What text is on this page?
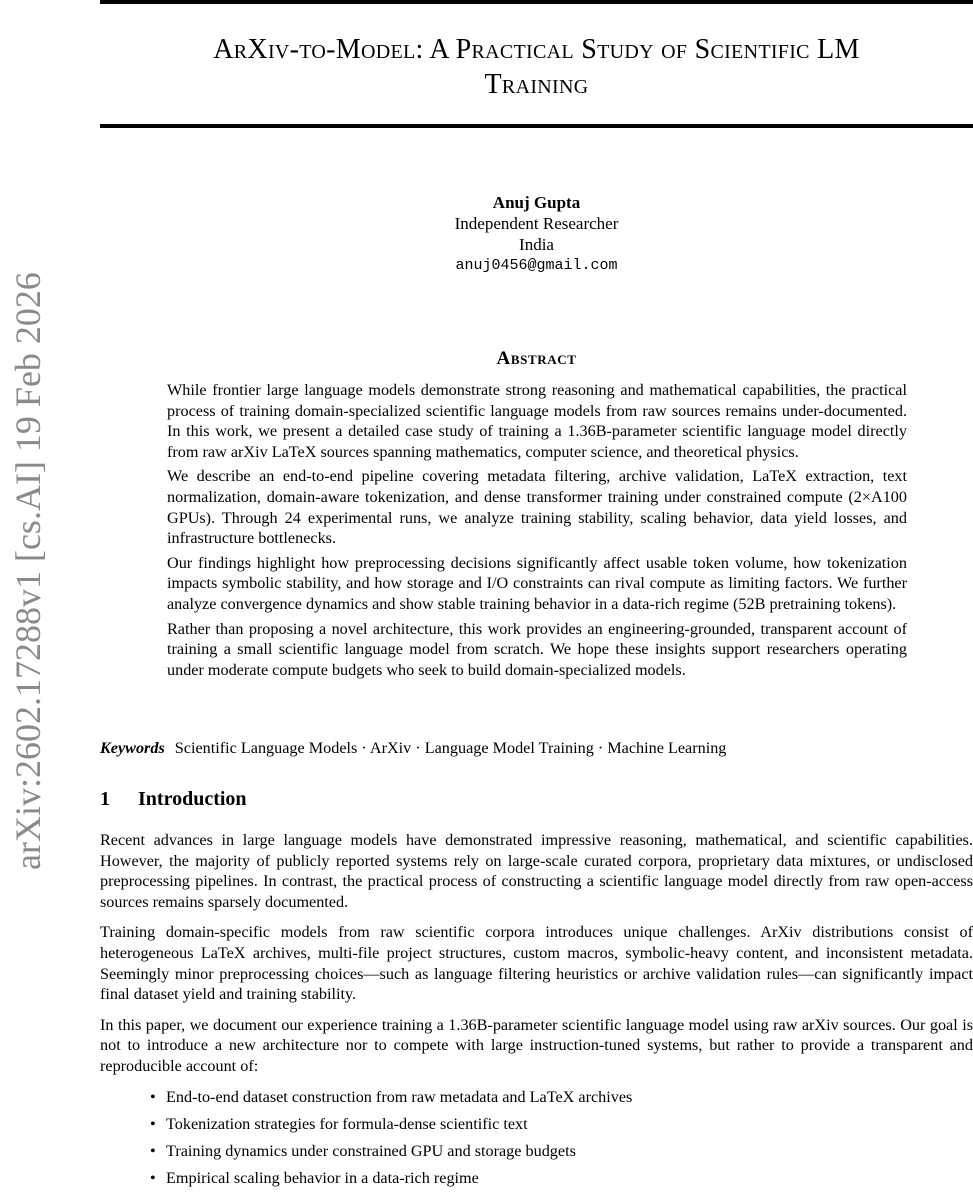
arXiv:2602.17288v1 [cs.AI] 19 Feb 2026
ArXiv-to-Model: A Practical Study of Scientific LM
Training
Anuj Gupta
Independent Researcher
India
anuj0456@gmail.com
Abstract

While frontier large language models demonstrate strong reasoning and mathematical capabilities, the practical process of training domain-specialized scientific language models from raw sources remains under-documented. In this work, we present a detailed case study of training a 1.36B-parameter scientific language model directly from raw arXiv LaTeX sources spanning mathematics, computer science, and theoretical physics.

We describe an end-to-end pipeline covering metadata filtering, archive validation, LaTeX extraction, text normalization, domain-aware tokenization, and dense transformer training under constrained compute (2×A100 GPUs). Through 24 experimental runs, we analyze training stability, scaling behavior, data yield losses, and infrastructure bottlenecks.

Our findings highlight how preprocessing decisions significantly affect usable token volume, how tokenization impacts symbolic stability, and how storage and I/O constraints can rival compute as limiting factors. We further analyze convergence dynamics and show stable training behavior in a data-rich regime (52B pretraining tokens).

Rather than proposing a novel architecture, this work provides an engineering-grounded, transparent account of training a small scientific language model from scratch. We hope these insights support researchers operating under moderate compute budgets who seek to build domain-specialized models.

Keywords Scientific Language Models · ArXiv · Language Model Training · Machine Learning
1 Introduction

Recent advances in large language models have demonstrated impressive reasoning, mathematical, and scientific capabilities. However, the majority of publicly reported systems rely on large-scale curated corpora, proprietary data mixtures, or undisclosed preprocessing pipelines. In contrast, the practical process of constructing a scientific language model directly from raw open-access sources remains sparsely documented.

Training domain-specific models from raw scientific corpora introduces unique challenges. ArXiv distributions consist of heterogeneous LaTeX archives, multi-file project structures, custom macros, symbolic-heavy content, and inconsistent metadata. Seemingly minor preprocessing choices—such as language filtering heuristics or archive validation rules—can significantly impact final dataset yield and training stability.

In this paper, we document our experience training a 1.36B-parameter scientific language model using raw arXiv sources. Our goal is not to introduce a new architecture nor to compete with large instruction-tuned systems, but rather to provide a transparent and reproducible account of:

• End-to-end dataset construction from raw metadata and LaTeX archives
• Tokenization strategies for formula-dense scientific text
• Training dynamics under constrained GPU and storage budgets
• Empirical scaling behavior in a data-rich regime
